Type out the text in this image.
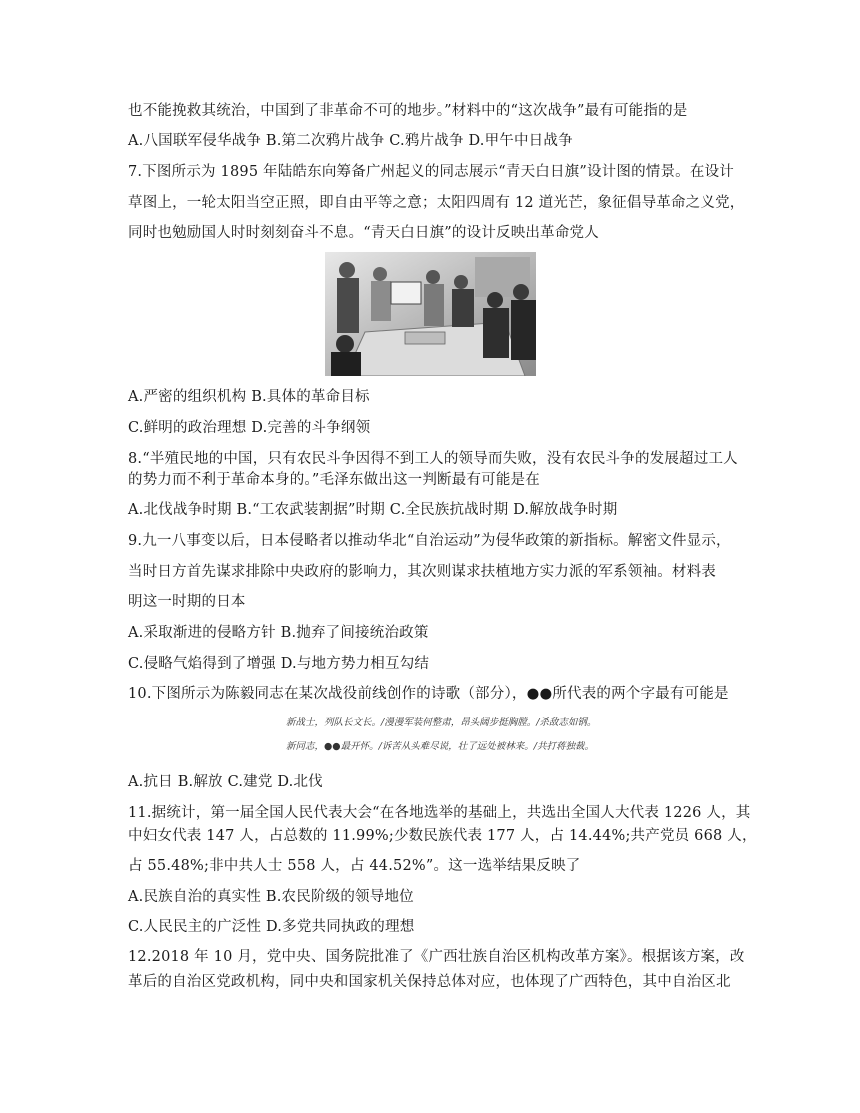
也不能挽救其统治，中国到了非革命不可的地步。”材料中的“这次战争”最有可能指的是
A.八国联军侵华战争 B.第二次鸦片战争 C.鸦片战争 D.甲午中日战争
7.下图所示为 1895 年陆皓东向筹备广州起义的同志展示“青天白日旗”设计图的情景。在设计
草图上，一轮太阳当空正照，即自由平等之意；太阳四周有 12 道光芒，象征倡导革命之义党，
同时也勉励国人时时刻刻奋斗不息。“青天白日旗”的设计反映出革命党人
A.严密的组织机构 B.具体的革命目标
C.鲜明的政治理想 D.完善的斗争纲领
8.“半殖民地的中国，只有农民斗争因得不到工人的领导而失败，没有农民斗争的发展超过工人
的势力而不利于革命本身的。”毛泽东做出这一判断最有可能是在
A.北伐战争时期 B.“工农武装割据”时期 C.全民族抗战时期 D.解放战争时期
9.九一八事变以后，日本侵略者以推动华北“自治运动”为侵华政策的新指标。解密文件显示，
当时日方首先谋求排除中央政府的影响力，其次则谋求扶植地方实力派的军系领袖。材料表
明这一时期的日本
A.采取渐进的侵略方针 B.抛弃了间接统治政策
C.侵略气焰得到了增强 D.与地方势力相互勾结
10.下图所示为陈毅同志在某次战役前线创作的诗歌（部分），●●所代表的两个字最有可能是
新战士，列队长文长。/漫漫军装何整肃，昂头阔步挺胸膛。/杀敌志如钢。
新同志，●●最开怀。/诉苦从头难尽说，壮了远处被林来。/共打蒋独裁。
A.抗日 B.解放 C.建党 D.北伐
11.据统计，第一届全国人民代表大会“在各地选举的基础上，共选出全国人大代表 1226 人，其
中妇女代表 147 人，占总数的 11.99%;少数民族代表 177 人，占 14.44%;共产党员 668 人，
占 55.48%;非中共人士 558 人，占 44.52%”。这一选举结果反映了
A.民族自治的真实性 B.农民阶级的领导地位
C.人民民主的广泛性 D.多党共同执政的理想
12.2018 年 10 月，党中央、国务院批准了《广西壮族自治区机构改革方案》。根据该方案，改
革后的自治区党政机构，同中央和国家机关保持总体对应，也体现了广西特色，其中自治区北
